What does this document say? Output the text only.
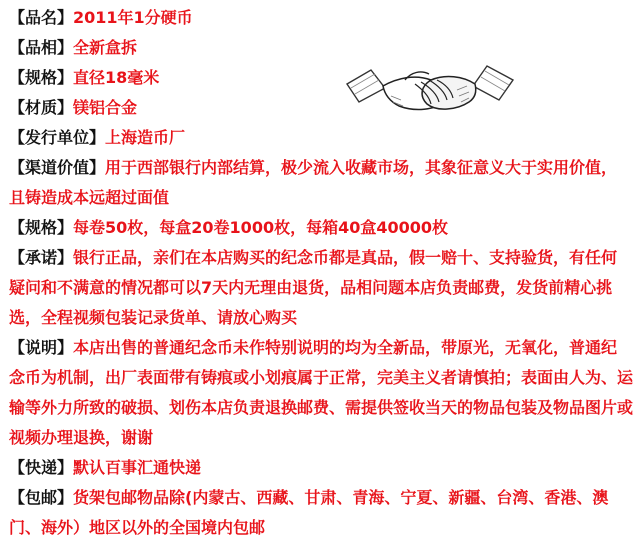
【品名】2011年1分硬币
【品相】全新盒拆
【规格】直径18毫米
【材质】镁铝合金
【发行单位】上海造币厂
【渠道价值】用于西部银行内部结算，极少流入收藏市场，其象征意义大于实用价值，且铸造成本远超过面值
【规格】每卷50枚，每盒20卷1000枚，每箱40盒40000枚
【承诺】银行正品，亲们在本店购买的纪念币都是真品，假一赔十、支持验货，有任何疑问和不满意的情况都可以7天内无理由退货，品相问题本店负责邮费，发货前精心挑选，全程视频包装记录货单、请放心购买
【说明】本店出售的普通纪念币未作特别说明的均为全新品，带原光，无氧化，普通纪念币为机制，出厂表面带有铸痕或小划痕属于正常，完美主义者请慎拍；表面由人为、运输等外力所致的破损、划伤本店负责退换邮费、需提供签收当天的物品包装及物品图片或视频办理退换，谢谢
【快递】默认百事汇通快递
【包邮】货架包邮物品除(内蒙古、西藏、甘肃、青海、宁夏、新疆、台湾、香港、澳门、海外）地区以外的全国境内包邮
